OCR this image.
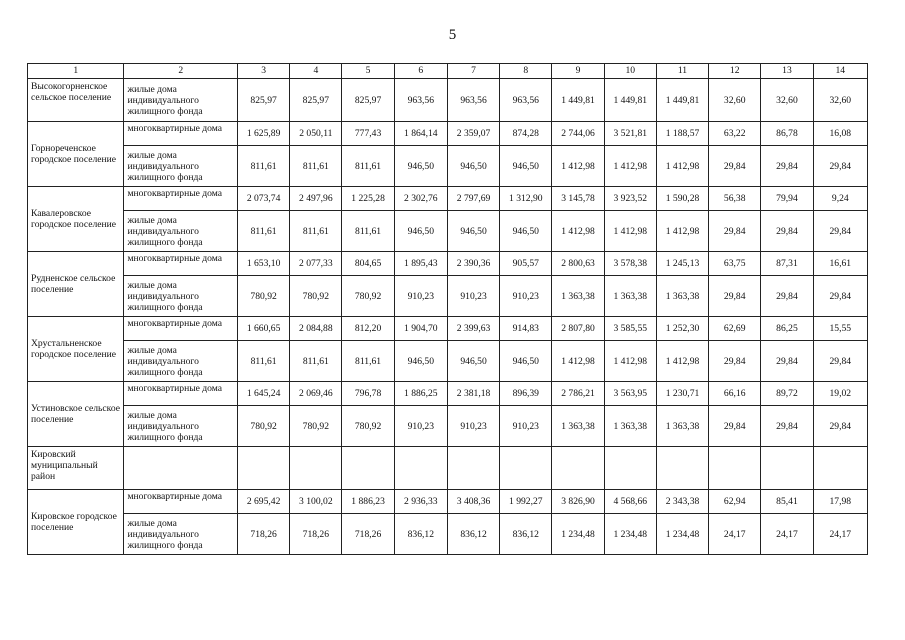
5
1	2	3	4	5	6	7	8	9	10	11	12	13	14
Высокогорненское сельское поселение	жилые дома индивидуального жилищного фонда	825,97	825,97	825,97	963,56	963,56	963,56	1 449,81	1 449,81	1 449,81	32,60	32,60	32,60
Горнореченское городское поселение	многоквартирные дома	1 625,89	2 050,11	777,43	1 864,14	2 359,07	874,28	2 744,06	3 521,81	1 188,57	63,22	86,78	16,08
	жилые дома индивидуального жилищного фонда	811,61	811,61	811,61	946,50	946,50	946,50	1 412,98	1 412,98	1 412,98	29,84	29,84	29,84
Кавалеровское городское поселение	многоквартирные дома	2 073,74	2 497,96	1 225,28	2 302,76	2 797,69	1 312,90	3 145,78	3 923,52	1 590,28	56,38	79,94	9,24
	жилые дома индивидуального жилищного фонда	811,61	811,61	811,61	946,50	946,50	946,50	1 412,98	1 412,98	1 412,98	29,84	29,84	29,84
Рудненское сельское поселение	многоквартирные дома	1 653,10	2 077,33	804,65	1 895,43	2 390,36	905,57	2 800,63	3 578,38	1 245,13	63,75	87,31	16,61
	жилые дома индивидуального жилищного фонда	780,92	780,92	780,92	910,23	910,23	910,23	1 363,38	1 363,38	1 363,38	29,84	29,84	29,84
Хрустальненское городское поселение	многоквартирные дома	1 660,65	2 084,88	812,20	1 904,70	2 399,63	914,83	2 807,80	3 585,55	1 252,30	62,69	86,25	15,55
	жилые дома индивидуального жилищного фонда	811,61	811,61	811,61	946,50	946,50	946,50	1 412,98	1 412,98	1 412,98	29,84	29,84	29,84
Устиновское сельское поселение	многоквартирные дома	1 645,24	2 069,46	796,78	1 886,25	2 381,18	896,39	2 786,21	3 563,95	1 230,71	66,16	89,72	19,02
	жилые дома индивидуального жилищного фонда	780,92	780,92	780,92	910,23	910,23	910,23	1 363,38	1 363,38	1 363,38	29,84	29,84	29,84
Кировский муниципальный район													
Кировское городское поселение	многоквартирные дома	2 695,42	3 100,02	1 886,23	2 936,33	3 408,36	1 992,27	3 826,90	4 568,66	2 343,38	62,94	85,41	17,98
	жилые дома индивидуального жилищного фонда	718,26	718,26	718,26	836,12	836,12	836,12	1 234,48	1 234,48	1 234,48	24,17	24,17	24,17
